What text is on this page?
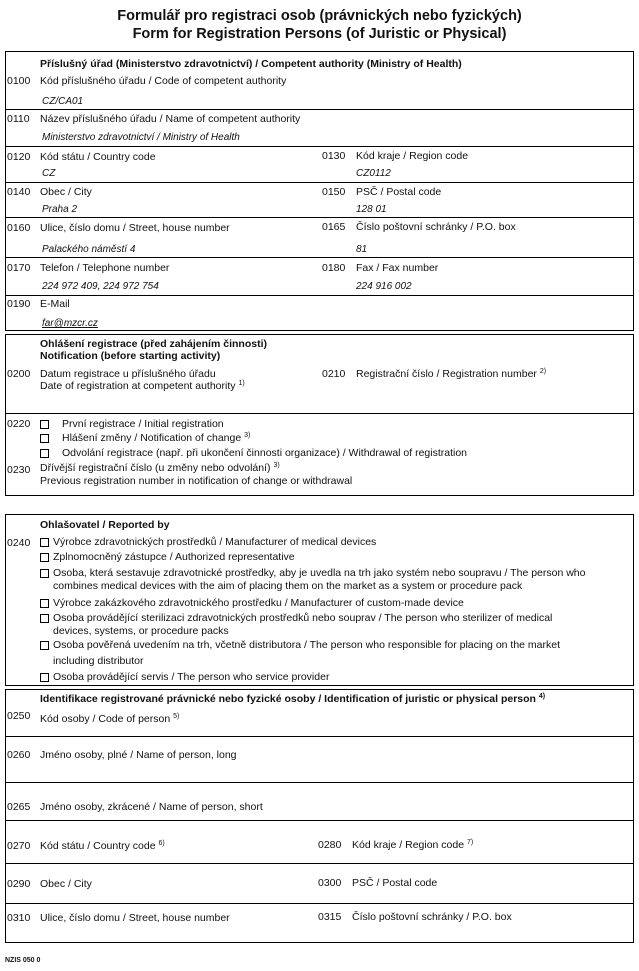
Formulář pro registraci osob (právnických nebo fyzických)
Form for Registration Persons (of Juristic or Physical)
Příslušný úřad (Ministerstvo zdravotnictví) / Competent authority (Ministry of Health)
0100 Kód příslušného úřadu / Code of competent authority
CZ/CA01
0110 Název příslušného úřadu / Name of competent authority
Ministerstvo zdravotnictví / Ministry of Health
0120 Kód státu / Country code
CZ
0130 Kód kraje / Region code
CZ0112
0140 Obec / City
Praha 2
0150 PSČ / Postal code
128 01
0160 Ulice, číslo domu / Street, house number
Palackého náměstí 4
0165 Číslo poštovní schránky / P.O. box
81
0170 Telefon / Telephone number
224 972 409, 224 972 754
0180 Fax / Fax number
224 916 002
0190 E-Mail
far@mzcr.cz
Ohlášení registrace (před zahájením činnosti)
Notification (before starting activity)
0200 Datum registrace u příslušného úřadu
Date of registration at competent authority $^{1)}$
0210 Registrační číslo / Registration number $^{2)}$
0220	První registrace / Initial registration
Hlášení změny / Notification of change $^{3)}$
Odvolání registrace (např. při ukončení činnosti organizace) / Withdrawal of registration
0230 Dřívější registrační číslo (u změny nebo odvolání) $^{3)}$
Previous registration number in notification of change or withdrawal
Ohlašovatel / Reported by
0240 Výrobce zdravotnických prostředků / Manufacturer of medical devices
Zplnomocněný zástupce / Authorized representative
Osoba, která sestavuje zdravotnické prostředky, aby je uvedla na trh jako systém nebo soupravu / The person who
combines medical devices with the aim of placing them on the market as a system or procedure pack
Výrobce zakázkového zdravotnického prostředku / Manufacturer of custom-made device
Osoba provádějící sterilizaci zdravotnických prostředků nebo souprav / The person who sterilizer of medical
devices, systems, or procedure packs
Osoba pověřená uvedením na trh, včetně distributora / The person who responsible for placing on the market
including distributor
Osoba provádějící servis / The person who service provider
Identifikace registrované právnické nebo fyzické osoby / Identification of juristic or physical person $^{4)}$
0250 Kód osoby / Code of person $^{5)}$
0260 Jméno osoby, plné / Name of person, long
0265 Jméno osoby, zkrácené / Name of person, short
0270 Kód státu / Country code $^{6)}$	0280 Kód kraje / Region code $^{7)}$
0290 Obec / City	0300 PSČ / Postal code
0310 Ulice, číslo domu / Street, house number	0315 Číslo poštovní schránky / P.O. box
NZIS 050 0
